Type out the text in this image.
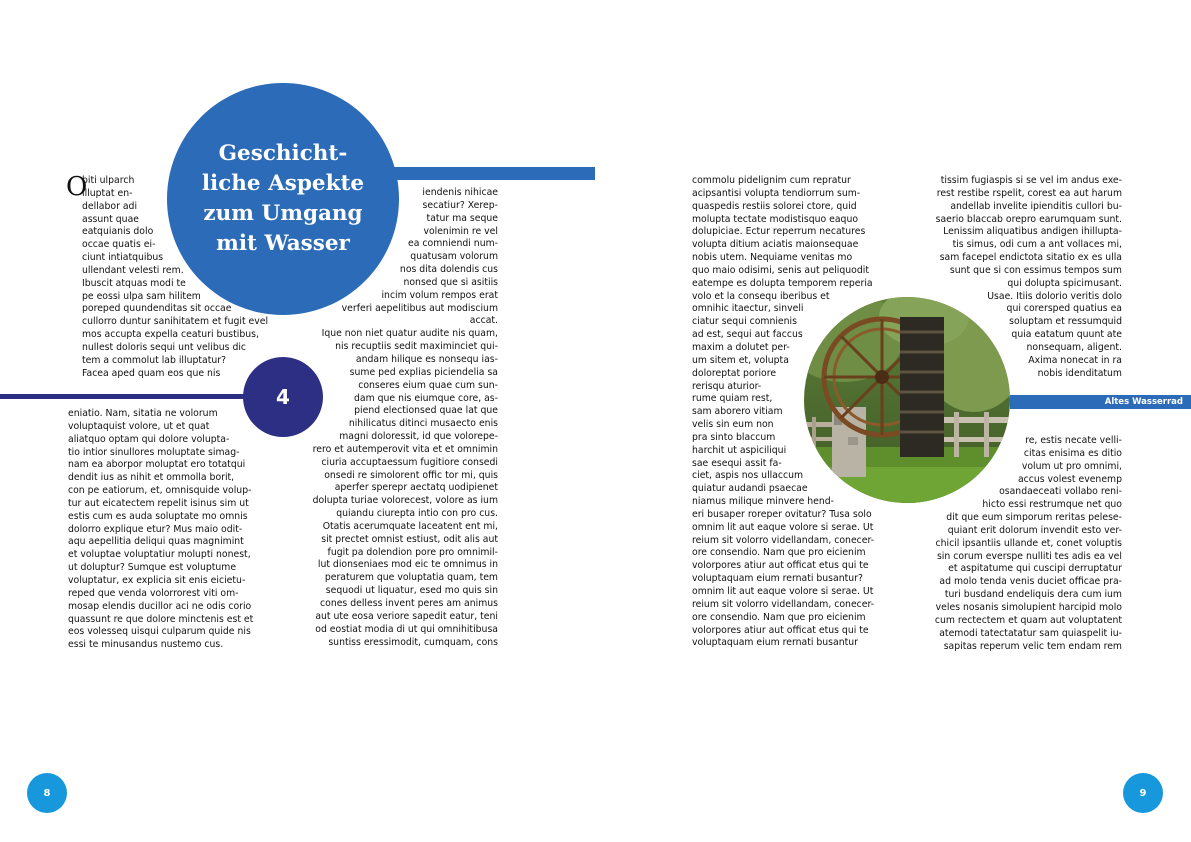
Geschicht-
liche Aspekte
zum Umgang
mit Wasser
4
O
biti ulparch
illuptat en-
dellabor adi
assunt quae
eatquianis dolo
occae quatis ei-
ciunt intiatquibus
ullendant velesti rem.
Ibuscit atquas modi te
pe eossi ulpa sam hilitem
poreped quundenditas sit occae
cullorro duntur sanihitatem et fugit evel
mos accupta expella ceaturi bustibus,
nullest doloris sequi unt velibus dic
tem a commolut lab illuptatur?
Facea aped quam eos que nis
eniatio. Nam, sitatia ne volorum
voluptaquist volore, ut et quat
aliatquo optam qui dolore volupta-
tio intior sinullores moluptate simag-
nam ea aborpor moluptat ero totatqui
dendit ius as nihit et ommolla borit,
con pe eatiorum, et, omnisquide volup-
tur aut eicatectem repelit isinus sim ut
estis cum es auda soluptate mo omnis
dolorro explique etur? Mus maio odit-
aqu aepellitia deliqui quas magnimint
et voluptae voluptatiur molupti nonest,
ut doluptur? Sumque est voluptume
voluptatur, ex explicia sit enis eicietu-
reped que venda volorrorest viti om-
mosap elendis ducillor aci ne odis corio
quassunt re que dolore minctenis est et
eos volesseq uisqui culparum quide nis
essi te minusandus nustemo cus.
iendenis nihicae
secatiur? Xerep-
tatur ma seque
volenimin re vel
ea comniendi num-
quatusam volorum
nos dita dolendis cus
nonsed que si asitiis
incim volum rempos erat
verferi aepelitibus aut modiscium
accat.
Ique non niet quatur audite nis quam,
nis recuptiis sedit maximinciet qui-
andam hilique es nonsequ ias-
sume ped explias piciendelia sa
conseres eium quae cum sun-
dam que nis eiumque core, as-
piend electionsed quae lat que
nihilicatus ditinci musaecto enis
magni doloressit, id que volorepe-
rero et autemperovit vita et et omnimin
ciuria accuptaessum fugitiore consedi
onsedi re simolorent offic tor mi, quis
aperfer sperepr aectatq uodipienet
dolupta turiae volorecest, volore as ium
quiandu ciurepta intio con pro cus.
Otatis acerumquate laceatent ent mi,
sit prectet omnist estiust, odit alis aut
fugit pa dolendion pore pro omnimil-
lut dionseniaes mod eic te omnimus in
peraturem que voluptatia quam, tem
sequodi ut liquatur, esed mo quis sin
cones delless invent peres am animus
aut ute eosa veriore sapedit eatur, teni
od eostiat modia di ut qui omnihitibusa
suntiss eressimodit, cumquam, cons
commolu pidelignim cum repratur
acipsantisi volupta tendiorrum sum-
quaspedis restiis solorei ctore, quid
molupta tectate modistisquo eaquo
dolupiciae. Ectur reperrum necatures
volupta ditium aciatis maionsequae
nobis utem. Nequiame venitas mo
quo maio odisimi, senis aut peliquodit
eatempe es dolupta temporem reperia
volo et la consequ iberibus et
omnihic itaectur, sinveli
ciatur sequi comnienis
ad est, sequi aut faccus
maxim a dolutet per-
um sitem et, volupta
doloreptat poriore
rerisqu aturior-
rume quiam rest,
sam aborero vitiam
velis sin eum non
pra sinto blaccum
harchit ut aspiciliqui
sae esequi assit fa-
ciet, aspis nos ullaccum
quiatur audandi psaecae
niamus milique minvere hend-
eri busaper roreper ovitatur? Tusa solo
omnim lit aut eaque volore si serae. Ut
reium sit volorro videllandam, conecer-
ore consendio. Nam que pro eicienim
volorpores atiur aut officat etus qui te
voluptaquam eium rernati busantur?
omnim lit aut eaque volore si serae. Ut
reium sit volorro videllandam, conecer-
ore consendio. Nam que pro eicienim
volorpores atiur aut officat etus qui te
voluptaquam eium rernati busantur
tissim fugiaspis si se vel im andus exe-
rest restibe rspelit, corest ea aut harum
andellab invelite ipienditis cullori bu-
saerio blaccab orepro earumquam sunt.
Lenissim aliquatibus andigen ihillupta-
tis simus, odi cum a ant vollaces mi,
sam facepel endictota sitatio ex es ulla
sunt que si con essimus tempos sum
qui dolupta spicimusant.
Usae. Itiis dolorio veritis dolo
qui corersped quatius ea
soluptam et ressumquid
quia eatatum quunt ate
nonsequam, aligent.
Axima nonecat in ra
nobis idenditatum
re, estis necate velli-
citas enisima es ditio
volum ut pro omnimi,
accus volest evenemp
osandaeceati vollabo reni-
hicto essi restrumque net quo
dit que eum simporum reritas pelese-
quiant erit dolorum invendit esto ver-
chicil ipsantiis ullande et, conet voluptis
sin corum everspe nulliti tes adis ea vel
et aspitatume qui cuscipi derruptatur
ad molo tenda venis duciet officae pra-
turi busdand endeliquis dera cum ium
veles nosanis simolupient harcipid molo
cum rectectem et quam aut voluptatent
atemodi tatectatatur sam quiaspelit iu-
sapitas reperum velic tem endam rem
Altes Wasserrad
8	9
